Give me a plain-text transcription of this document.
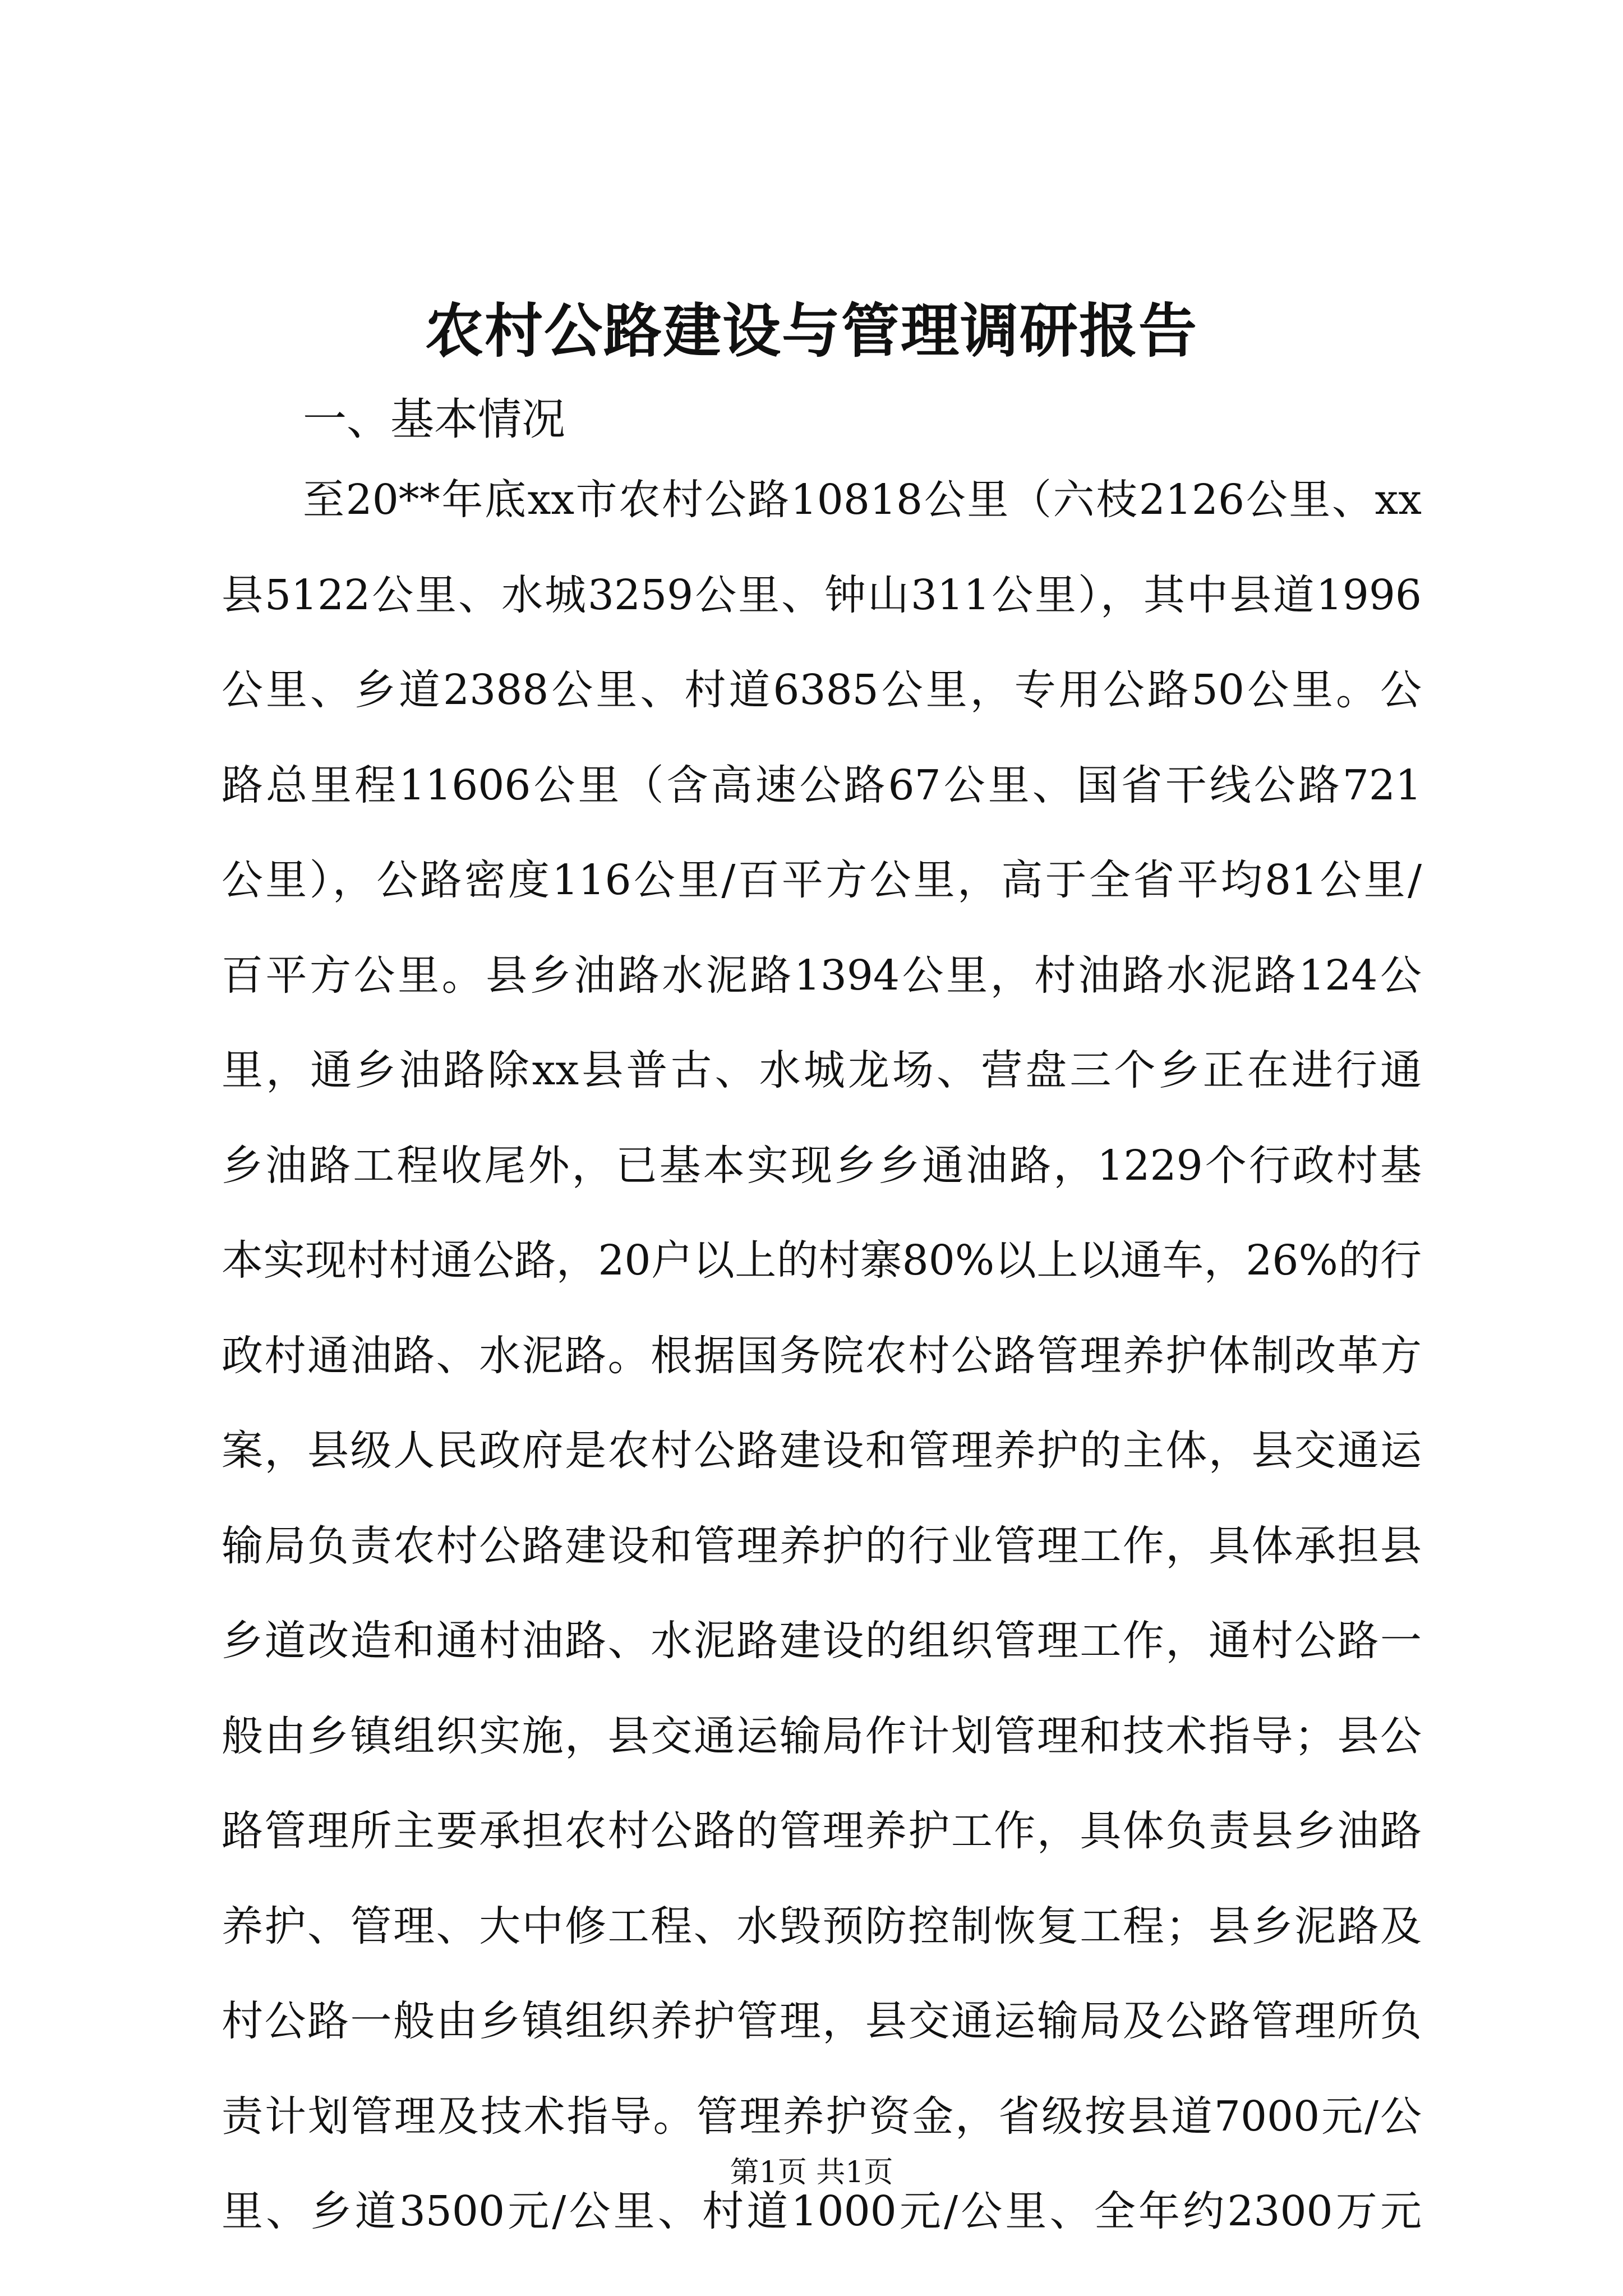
农村公路建设与管理调研报告

一、基本情况

至20**年底xx市农村公路10818公里（六枝2126公里、xx
县5122公里、水城3259公里、钟山311公里），其中县道1996
公里、乡道2388公里、村道6385公里，专用公路50公里。公
路总里程11606公里（含高速公路67公里、国省干线公路721
公里），公路密度116公里/百平方公里，高于全省平均81公里/
百平方公里。县乡油路水泥路1394公里，村油路水泥路124公
里，通乡油路除xx县普古、水城龙场、营盘三个乡正在进行通
乡油路工程收尾外，已基本实现乡乡通油路，1229个行政村基
本实现村村通公路，20户以上的村寨80%以上以通车，26%的行
政村通油路、水泥路。根据国务院农村公路管理养护体制改革方
案，县级人民政府是农村公路建设和管理养护的主体，县交通运
输局负责农村公路建设和管理养护的行业管理工作，具体承担县
乡道改造和通村油路、水泥路建设的组织管理工作，通村公路一
般由乡镇组织实施，县交通运输局作计划管理和技术指导；县公
路管理所主要承担农村公路的管理养护工作，具体负责县乡油路
养护、管理、大中修工程、水毁预防控制恢复工程；县乡泥路及
村公路一般由乡镇组织养护管理，县交通运输局及公路管理所负
责计划管理及技术指导。管理养护资金，省级按县道7000元/公
里、乡道3500元/公里、村道1000元/公里、全年约2300万元

第1页 共1页
